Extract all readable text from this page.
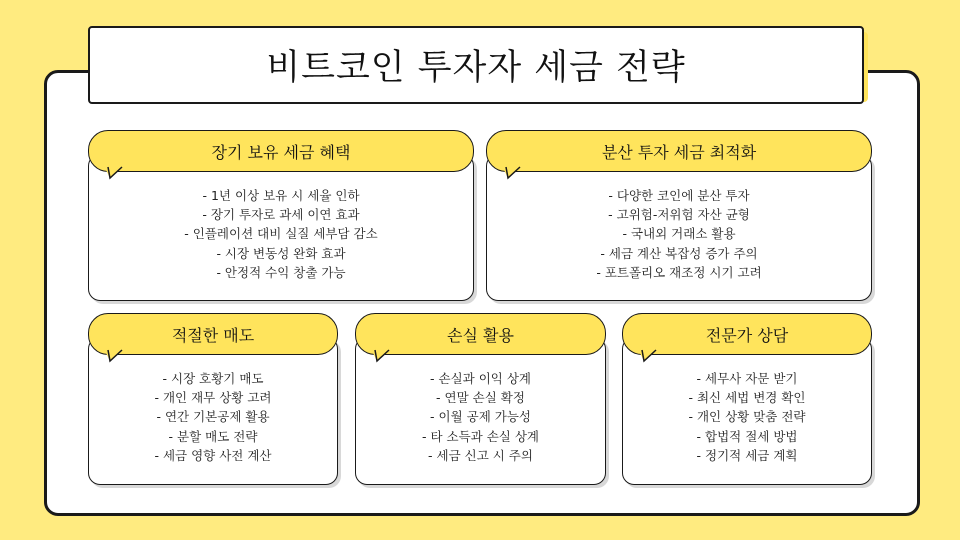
비트코인 투자자 세금 전략
장기 보유 세금 혜택
- 1년 이상 보유 시 세율 인하
- 장기 투자로 과세 이연 효과
- 인플레이션 대비 실질 세부담 감소
- 시장 변동성 완화 효과
- 안정적 수익 창출 가능
분산 투자 세금 최적화
- 다양한 코인에 분산 투자
- 고위험-저위험 자산 균형
- 국내외 거래소 활용
- 세금 계산 복잡성 증가 주의
- 포트폴리오 재조정 시기 고려
적절한 매도
- 시장 호황기 매도
- 개인 재무 상황 고려
- 연간 기본공제 활용
- 분할 매도 전략
- 세금 영향 사전 계산
손실 활용
- 손실과 이익 상계
- 연말 손실 확정
- 이월 공제 가능성
- 타 소득과 손실 상계
- 세금 신고 시 주의
전문가 상담
- 세무사 자문 받기
- 최신 세법 변경 확인
- 개인 상황 맞춤 전략
- 합법적 절세 방법
- 정기적 세금 계획
